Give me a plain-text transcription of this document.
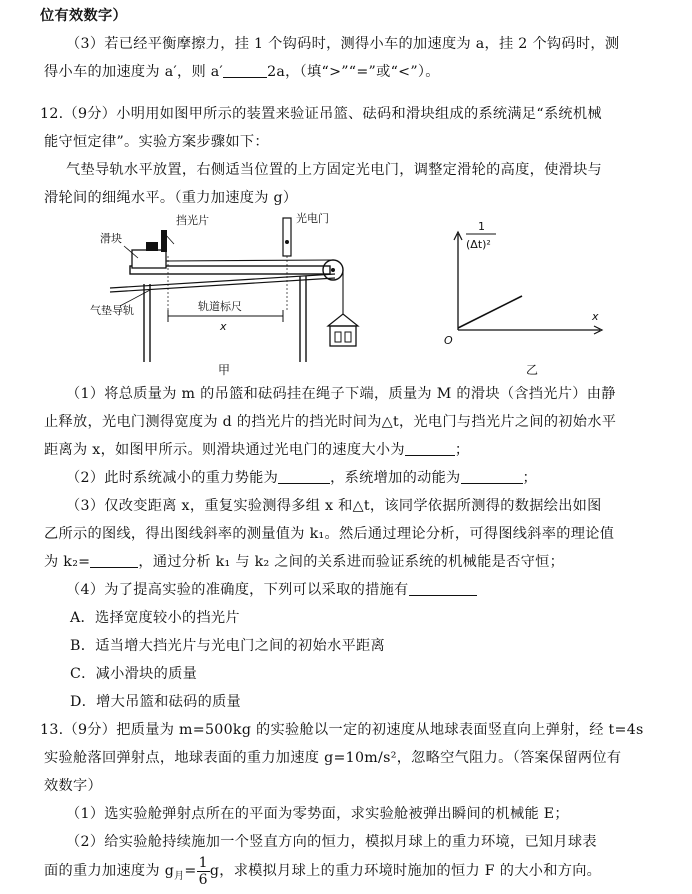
位有效数字）
（3）若已经平衡摩擦力，挂 1 个钩码时，测得小车的加速度为 a，挂 2 个钩码时，测
得小车的加速度为 a′，则 a′	2a，（填“>”“=”或“<”）。
12.（9分）小明用如图甲所示的装置来验证吊篮、砝码和滑块组成的系统满足“系统机械
能守恒定律”。实验方案步骤如下：
气垫导轨水平放置，右侧适当位置的上方固定光电门，调整定滑轮的高度，使滑块与
滑轮间的细绳水平。（重力加速度为 g）
滑块
挡光片	光电门
气垫导轨	轨道标尺
x
甲
1
(Δt)²
x
O
乙
（1）将总质量为 m 的吊篮和砝码挂在绳子下端，质量为 M 的滑块（含挡光片）由静
止释放，光电门测得宽度为 d 的挡光片的挡光时间为△t，光电门与挡光片之间的初始水平
距离为 x，如图甲所示。则滑块通过光电门的速度大小为	；
（2）此时系统减小的重力势能为	，系统增加的动能为	；
（3）仅改变距离 x，重复实验测得多组 x 和△t，该同学依据所测得的数据绘出如图
乙所示的图线，得出图线斜率的测量值为 k₁。然后通过理论分析，可得图线斜率的理论值
为 k₂=	，通过分析 k₁ 与 k₂ 之间的关系进而验证系统的机械能是否守恒；
（4）为了提高实验的准确度，下列可以采取的措施有
A．选择宽度较小的挡光片
B．适当增大挡光片与光电门之间的初始水平距离
C．减小滑块的质量
D．增大吊篮和砝码的质量
13.（9分）把质量为 m=500kg 的实验舱以一定的初速度从地球表面竖直向上弹射，经 t=4s
实验舱落回弹射点，地球表面的重力加速度 g=10m/s²，忽略空气阻力。（答案保留两位有
效数字）
（1）选实验舱弹射点所在的平面为零势面，求实验舱被弹出瞬间的机械能 E；
（2）给实验舱持续施加一个竖直方向的恒力，模拟月球上的重力环境，已知月球表
面的重力加速度为 $g_月= \frac{1}{6}$ g，求模拟月球上的重力环境时施加的恒力 F 的大小和方向。
